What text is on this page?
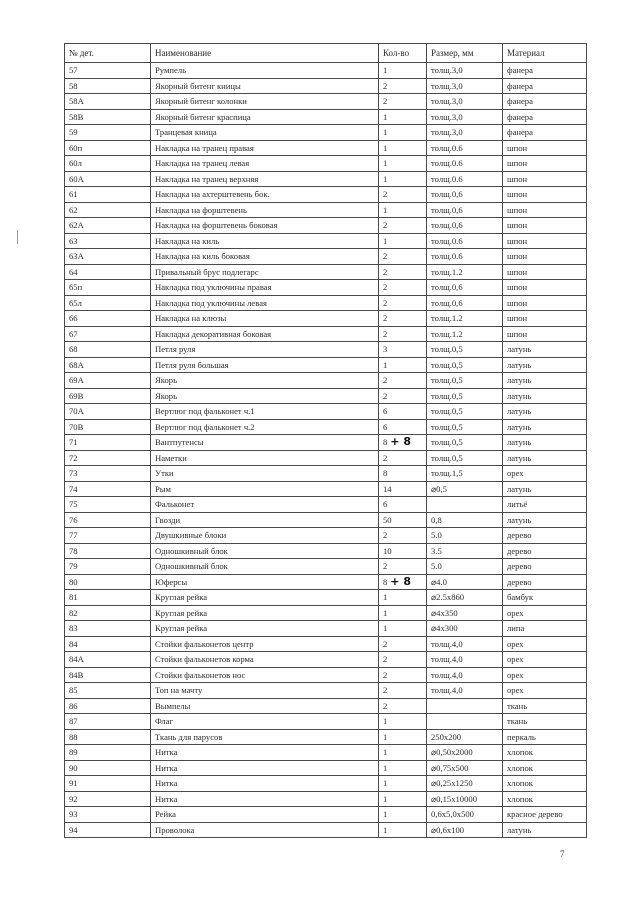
№ дет.	Наименование	Кол-во	Размер, мм	Материал
57	Румпель	1	толщ.3,0	фанера
58	Якорный битенг кницы	2	толщ.3,0	фанера
58A	Якорный битенг колонки	2	толщ.3,0	фанера
58B	Якорный битенг краспица	1	толщ.3,0	фанера
59	Транцевая кница	1	толщ.3,0	фанера
60п	Накладка на транец правая	1	толщ.0.6	шпон
60л	Накладка на транец левая	1	толщ.0.6	шпон
60A	Накладка на транец верхняя	1	толщ.0.6	шпон
61	Накладка на ахтерштевень бок.	2	толщ.0,6	шпон
62	Накладка на форштевень	1	толщ.0,6	шпон
62A	Накладка на форштевень боковая	2	толщ.0,6	шпон
63	Накладка на киль	1	толщ.0.6	шпон
63A	Накладка на киль боковая	2	толщ.0.6	шпон
64	Привальный брус подлегарс	2	толщ.1.2	шпон
65п	Накладка под уключины правая	2	толщ.0,6	шпон
65л	Накладка под уключины левая	2	толщ.0,6	шпон
66	Накладка на клюзы	2	толщ.1.2	шпон
67	Накладка декоративная боковая	2	толщ.1.2	шпон
68	Петля руля	3	толщ.0,5	латунь
68A	Петля руля большая	1	толщ.0,5	латунь
69A	Якорь	2	толщ.0,5	латунь
69B	Якорь	2	толщ.0,5	латунь
70A	Вертлюг под фальконет ч.1	6	толщ.0,5	латунь
70B	Вертлюг под фальконет ч.2	6	толщ.0,5	латунь
71	Вантпутенсы	8 + 8	толщ.0,5	латунь
72	Наметки	2	толщ.0,5	латунь
73	Утки	8	толщ.1,5	орех
74	Рым	14	⌀0,5	латунь
75	Фальконет	6		литьё
76	Гвозди	50	0,8	латунь
77	Двушкивные блоки	2	5.0	дерево
78	Одношкивный блок	10	3.5	дерево
79	Одношкивный блок	2	5.0	дерево
80	Юферсы	8 + 8	⌀4.0	дерево
81	Круглая рейка	1	⌀2.5x860	бамбук
82	Круглая рейка	1	⌀4x350	орех
83	Круглая рейка	1	⌀4x300	липа
84	Стойки фальконетов центр	2	толщ.4,0	орех
84A	Стойки фальконетов корма	2	толщ.4,0	орех
84B	Стойки фальконетов нос	2	толщ.4,0	орех
85	Топ на мачту	2	толщ.4,0	орех
86	Вымпелы	2		ткань
87	Флаг	1		ткань
88	Ткань для парусов	1	250x200	перкаль
89	Нитка	1	⌀0,50x2000	хлопок
90	Нитка	1	⌀0,75x500	хлопок
91	Нитка	1	⌀0,25x1250	хлопок
92	Нитка	1	⌀0,15x10000	хлопок
93	Рейка	1	0,6x5,0x500	красное дерево
94	Проволока	1	⌀0,6x100	латунь
7
